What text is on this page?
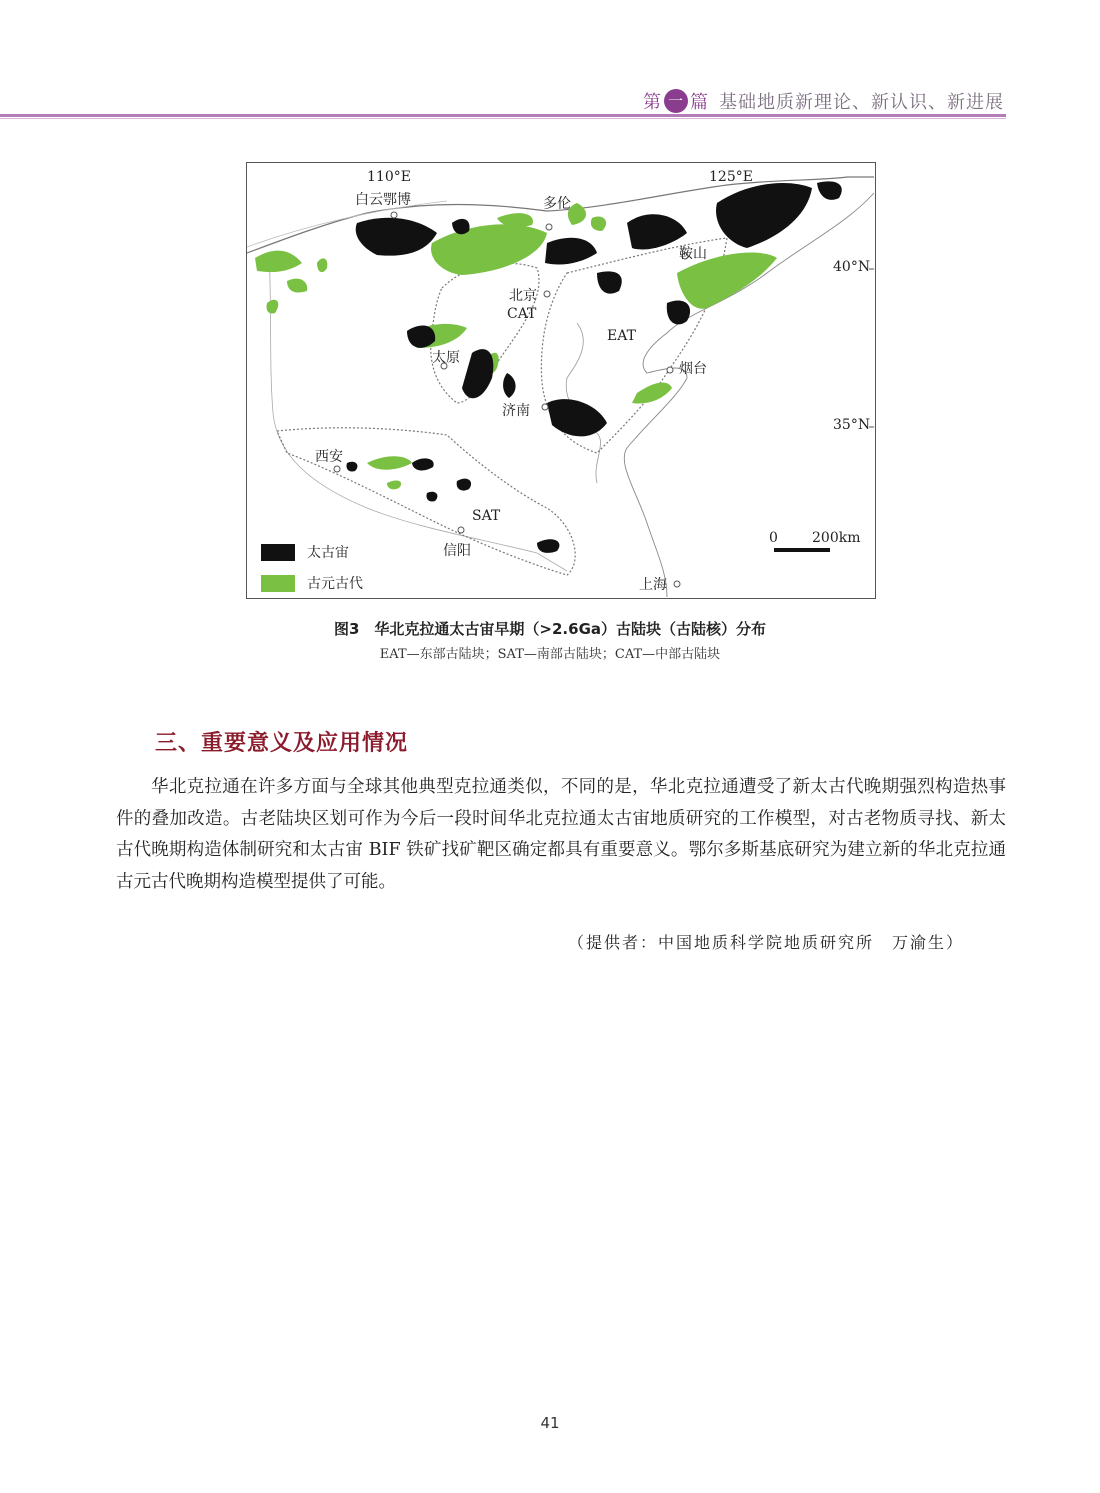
第 一 篇 基础地质新理论、新认识、新进展
110°E	125°E
白云鄂博	多伦
鞍山
40°N
北京
CAT
EAT
太原
烟台
济南
35°N
西安
SAT
信阳
0 200km
上海
太古宙
古元古代
图3　华北克拉通太古宙早期（>2.6Ga）古陆块（古陆核）分布
EAT—东部古陆块；SAT—南部古陆块；CAT—中部古陆块
三、重要意义及应用情况
华北克拉通在许多方面与全球其他典型克拉通类似，不同的是，华北克拉通遭受了新太古代晚期强烈构造热事件的叠加改造。古老陆块区划可作为今后一段时间华北克拉通太古宙地质研究的工作模型，对古老物质寻找、新太古代晚期构造体制研究和太古宙 BIF 铁矿找矿靶区确定都具有重要意义。鄂尔多斯基底研究为建立新的华北克拉通古元古代晚期构造模型提供了可能。
（提供者：中国地质科学院地质研究所　万渝生）
41
